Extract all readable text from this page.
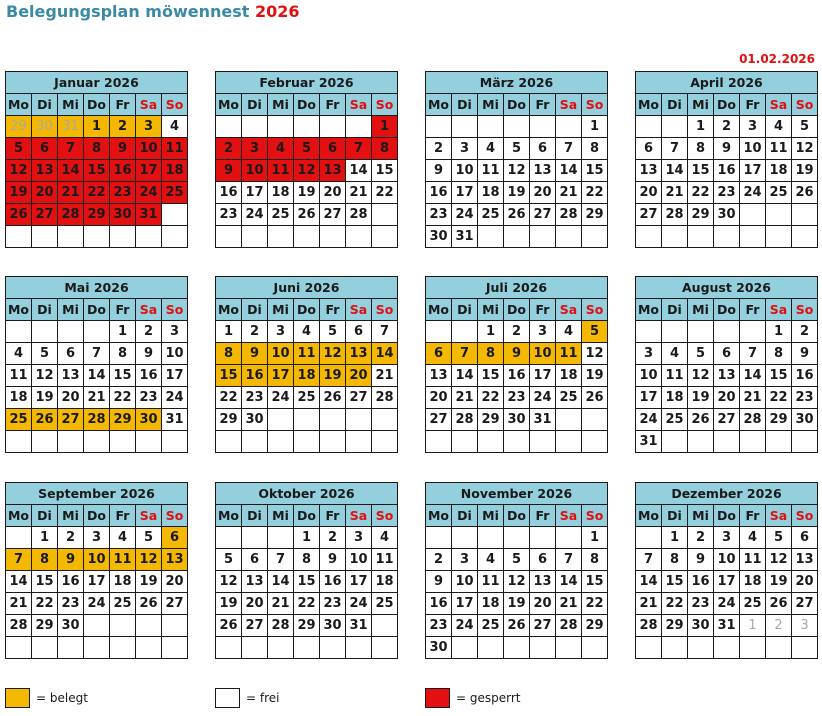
Belegungsplan möwennest 2026
01.02.2026
Januar 2026						
Mo	Di	Mi	Do	Fr	Sa	So
29	30	31	1	2	3	4
5	6	7	8	9	10	11
12	13	14	15	16	17	18
19	20	21	22	23	24	25
26	27	28	29	30	31	

Februar 2026						
Mo	Di	Mi	Do	Fr	Sa	So
						1
2	3	4	5	6	7	8
9	10	11	12	13	14	15
16	17	18	19	20	21	22
23	24	25	26	27	28	

März 2026						
Mo	Di	Mi	Do	Fr	Sa	So
						1
2	3	4	5	6	7	8
9	10	11	12	13	14	15
16	17	18	19	20	21	22
23	24	25	26	27	28	29
30	31					
April 2026						
Mo	Di	Mi	Do	Fr	Sa	So
		1	2	3	4	5
6	7	8	9	10	11	12
13	14	15	16	17	18	19
20	21	22	23	24	25	26
27	28	29	30			

Mai 2026						
Mo	Di	Mi	Do	Fr	Sa	So
				1	2	3
4	5	6	7	8	9	10
11	12	13	14	15	16	17
18	19	20	21	22	23	24
25	26	27	28	29	30	31

Juni 2026						
Mo	Di	Mi	Do	Fr	Sa	So
1	2	3	4	5	6	7
8	9	10	11	12	13	14
15	16	17	18	19	20	21
22	23	24	25	26	27	28
29	30					

Juli 2026						
Mo	Di	Mi	Do	Fr	Sa	So
		1	2	3	4	5
6	7	8	9	10	11	12
13	14	15	16	17	18	19
20	21	22	23	24	25	26
27	28	29	30	31		

August 2026						
Mo	Di	Mi	Do	Fr	Sa	So
					1	2
3	4	5	6	7	8	9
10	11	12	13	14	15	16
17	18	19	20	21	22	23
24	25	26	27	28	29	30
31						
September 2026						
Mo	Di	Mi	Do	Fr	Sa	So
	1	2	3	4	5	6
7	8	9	10	11	12	13
14	15	16	17	18	19	20
21	22	23	24	25	26	27
28	29	30				

Oktober 2026						
Mo	Di	Mi	Do	Fr	Sa	So
			1	2	3	4
5	6	7	8	9	10	11
12	13	14	15	16	17	18
19	20	21	22	23	24	25
26	27	28	29	30	31	

November 2026						
Mo	Di	Mi	Do	Fr	Sa	So
						1
2	3	4	5	6	7	8
9	10	11	12	13	14	15
16	17	18	19	20	21	22
23	24	25	26	27	28	29
30						
Dezember 2026						
Mo	Di	Mi	Do	Fr	Sa	So
	1	2	3	4	5	6
7	8	9	10	11	12	13
14	15	16	17	18	19	20
21	22	23	24	25	26	27
28	29	30	31	1	2	3

= belegt	= frei	= gesperrt
